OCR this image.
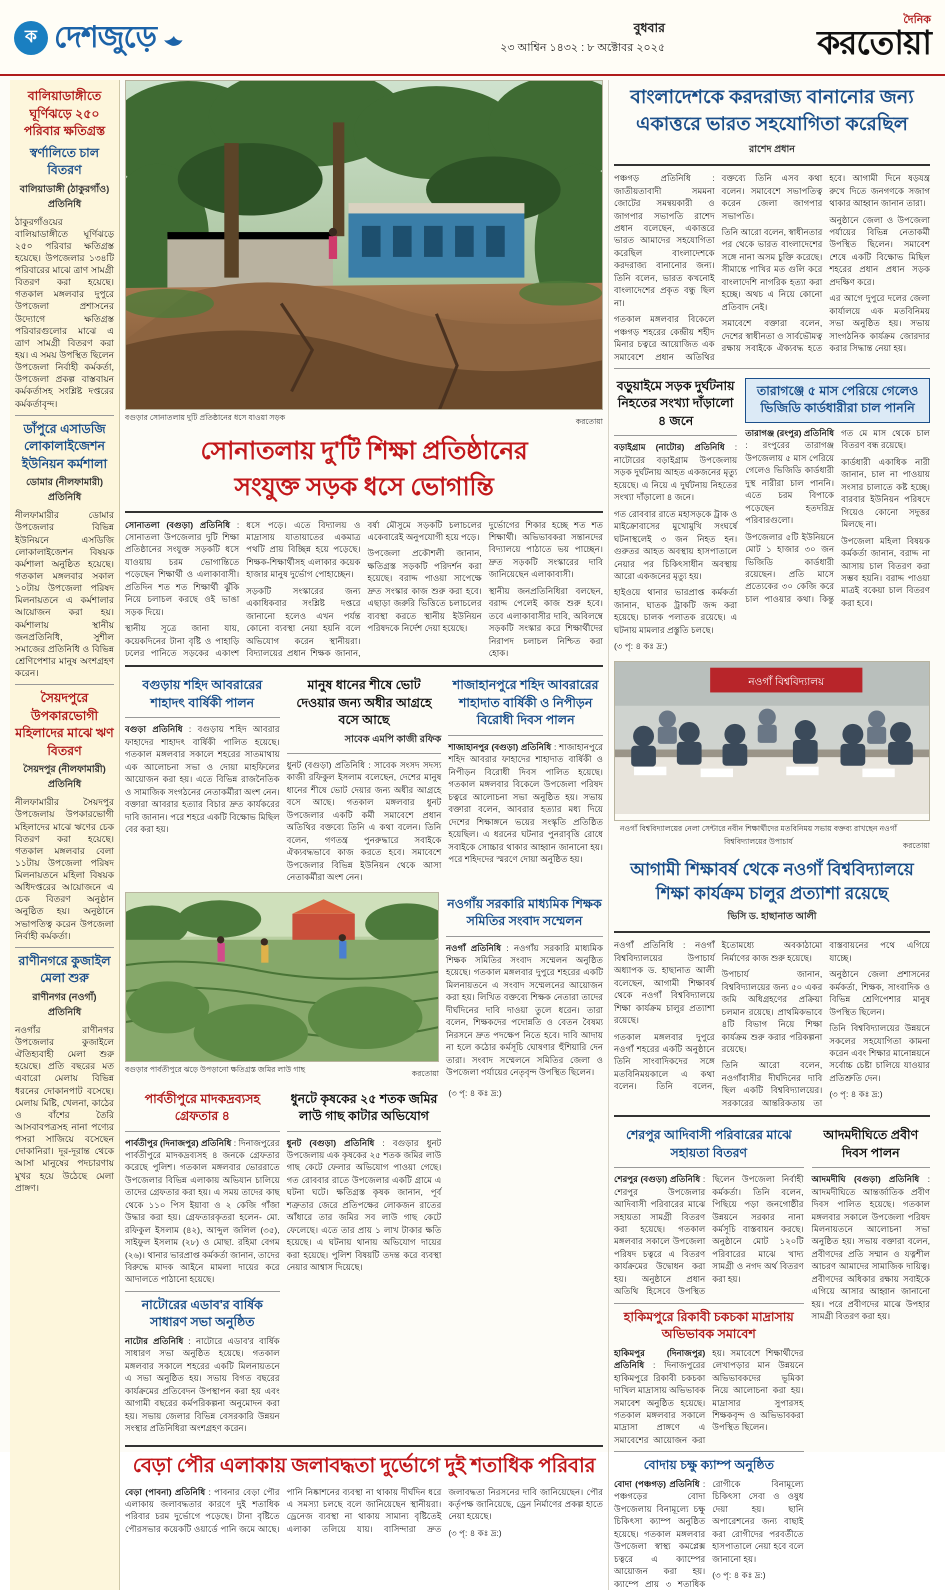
ক দেশজুড়ে	বুধবার
২৩ আশ্বিন ১৪৩২ : ৮ অক্টোবর ২০২৫
দৈনিক
করতোয়া
বালিয়াডাঙ্গীতে ঘূর্ণিঝড়ে ২৫০ পরিবার ক্ষতিগ্রস্ত
স্বর্ণালিতে চাল বিতরণ
বালিয়াডাঙ্গী (ঠাকুরগাঁও) প্রতিনিধি
ঠাকুরগাঁওয়ের বালিয়াডাঙ্গীতে ঘূর্ণিঝড়ে ২৫০ পরিবার ক্ষতিগ্রস্ত হয়েছে। উপজেলার ১৩৪টি পরিবারের মাঝে ত্রাণ সামগ্রী বিতরণ করা হয়েছে। গতকাল মঙ্গলবার দুপুরে উপজেলা প্রশাসনের উদ্যোগে ক্ষতিগ্রস্ত পরিবারগুলোর মাঝে এ ত্রাণ সামগ্রী বিতরণ করা হয়। এ সময় উপস্থিত ছিলেন উপজেলা নির্বাহী কর্মকর্তা, উপজেলা প্রকল্প বাস্তবায়ন কর্মকর্তাসহ সংশ্লিষ্ট দপ্তরের কর্মকর্তাবৃন্দ।
ডাঁপুরে এসাডজি লোকালাইজেশন ইউনিয়ন কর্মশালা
ডোমার (নীলফামারী) প্রতিনিধি
নীলফামারীর ডোমার উপজেলার বিভিন্ন ইউনিয়নে এসডিজি লোকালাইজেশন বিষয়ক কর্মশালা অনুষ্ঠিত হয়েছে। গতকাল মঙ্গলবার সকাল ১০টায় উপজেলা পরিষদ মিলনায়তনে এ কর্মশালার আয়োজন করা হয়। কর্মশালায় স্থানীয় জনপ্রতিনিধি, সুশীল সমাজের প্রতিনিধি ও বিভিন্ন শ্রেণিপেশার মানুষ অংশগ্রহণ করেন।
সৈয়দপুরে উপকারভোগী মহিলাদের মাঝে ঋণ বিতরণ
সৈয়দপুর (নীলফামারী) প্রতিনিধি
নীলফামারীর সৈয়দপুর উপজেলায় উপকারভোগী মহিলাদের মাঝে ঋণের চেক বিতরণ করা হয়েছে। গতকাল মঙ্গলবার বেলা ১১টায় উপজেলা পরিষদ মিলনায়তনে মহিলা বিষয়ক অধিদপ্তরের আয়োজনে এ চেক বিতরণ অনুষ্ঠান অনুষ্ঠিত হয়। অনুষ্ঠানে সভাপতিত্ব করেন উপজেলা নির্বাহী কর্মকর্তা।
রাণীনগরে কুজাইল মেলা শুরু
রাণীনগর (নওগাঁ) প্রতিনিধি
নওগাঁর রাণীনগর উপজেলার কুজাইলে ঐতিহ্যবাহী মেলা শুরু হয়েছে। প্রতি বছরের মত এবারো মেলায় বিভিন্ন ধরনের দোকানপাট বসেছে। মেলায় মিষ্টি, খেলনা, কাঠের ও বাঁশের তৈরি আসবাবপত্রসহ নানা পণ্যের পসরা সাজিয়ে বসেছেন দোকানিরা। দূর-দূরান্ত থেকে আসা মানুষের পদচারণায় মুখর হয়ে উঠেছে মেলা প্রাঙ্গণ।
বগুড়ার সোনাতলায় দুটি প্রতিষ্ঠানের ধসে যাওয়া সড়ক	করতোয়া
সোনাতলায় দু'টি শিক্ষা প্রতিষ্ঠানের
সংযুক্ত সড়ক ধসে ভোগান্তি

সোনাতলা (বগুড়া) প্রতিনিধি : সোনাতলা উপজেলার দুটি শিক্ষা প্রতিষ্ঠানের সংযুক্ত সড়কটি ধসে যাওয়ায় চরম ভোগান্তিতে পড়েছেন শিক্ষার্থী ও এলাকাবাসী। প্রতিদিন শত শত শিক্ষার্থী ঝুঁকি নিয়ে চলাচল করছে ওই ভাঙা সড়ক দিয়ে।

স্থানীয় সূত্রে জানা যায়, কয়েকদিনের টানা বৃষ্টি ও পাহাড়ি ঢলের পানিতে সড়কের একাংশ ধসে পড়ে। এতে বিদ্যালয় ও মাদ্রাসায় যাতায়াতের একমাত্র পথটি প্রায় বিচ্ছিন্ন হয়ে পড়েছে। শিক্ষক-শিক্ষার্থীসহ এলাকার কয়েক হাজার মানুষ দুর্ভোগ পোহাচ্ছেন।

সড়কটি সংস্কারের জন্য একাধিকবার সংশ্লিষ্ট দপ্তরে জানানো হলেও এখন পর্যন্ত কোনো ব্যবস্থা নেয়া হয়নি বলে অভিযোগ করেন স্থানীয়রা। বিদ্যালয়ের প্রধান শিক্ষক জানান, বর্ষা মৌসুমে সড়কটি চলাচলের একেবারেই অনুপযোগী হয়ে পড়ে।

উপজেলা প্রকৌশলী জানান, ক্ষতিগ্রস্ত সড়কটি পরিদর্শন করা হয়েছে। বরাদ্দ পাওয়া সাপেক্ষে দ্রুত সংস্কার কাজ শুরু করা হবে। এছাড়া জরুরি ভিত্তিতে চলাচলের ব্যবস্থা করতে স্থানীয় ইউনিয়ন পরিষদকে নির্দেশ দেয়া হয়েছে।

দুর্ভোগের শিকার হচ্ছে শত শত শিক্ষার্থী। অভিভাবকরা সন্তানদের বিদ্যালয়ে পাঠাতে ভয় পাচ্ছেন। দ্রুত সড়কটি সংস্কারের দাবি জানিয়েছেন এলাকাবাসী।

স্থানীয় জনপ্রতিনিধিরা বলছেন, বরাদ্দ পেলেই কাজ শুরু হবে। তবে এলাকাবাসীর দাবি, অবিলম্বে সড়কটি সংস্কার করে শিক্ষার্থীদের নিরাপদ চলাচল নিশ্চিত করা হোক।

বগুড়ায় শহিদ আবরারের শাহাদৎ বার্ষিকী পালন

বগুড়া প্রতিনিধি : বগুড়ায় শহিদ আবরার ফাহাদের শাহাদৎ বার্ষিকী পালিত হয়েছে। গতকাল মঙ্গলবার সকালে শহরের সাতমাথায় এক আলোচনা সভা ও দোয়া মাহফিলের আয়োজন করা হয়। এতে বিভিন্ন রাজনৈতিক ও সামাজিক সংগঠনের নেতাকর্মীরা অংশ নেন। বক্তারা আবরার হত্যার বিচার দ্রুত কার্যকরের দাবি জানান। পরে শহরে একটি বিক্ষোভ মিছিল বের করা হয়।

মানুষ ধানের শীষে ভোট দেওয়ার জন্য অধীর আগ্রহে বসে আছে
সাবেক এমপি কাজী রফিক

ধুনট (বগুড়া) প্রতিনিধি : সাবেক সংসদ সদস্য কাজী রফিকুল ইসলাম বলেছেন, দেশের মানুষ ধানের শীষে ভোট দেয়ার জন্য অধীর আগ্রহে বসে আছে। গতকাল মঙ্গলবার ধুনট উপজেলার একটি কর্মী সমাবেশে প্রধান অতিথির বক্তব্যে তিনি এ কথা বলেন। তিনি বলেন, গণতন্ত্র পুনরুদ্ধারে সবাইকে ঐক্যবদ্ধভাবে কাজ করতে হবে। সমাবেশে উপজেলার বিভিন্ন ইউনিয়ন থেকে আসা নেতাকর্মীরা অংশ নেন।

শাজাহানপুরে শহিদ আবরারের শাহাদাত বার্ষিকী ও নিপীড়ন বিরোধী দিবস পালন

শাজাহানপুর (বগুড়া) প্রতিনিধি : শাজাহানপুরে শহিদ আবরার ফাহাদের শাহাদাত বার্ষিকী ও নিপীড়ন বিরোধী দিবস পালিত হয়েছে। গতকাল মঙ্গলবার বিকেলে উপজেলা পরিষদ চত্বরে আলোচনা সভা অনুষ্ঠিত হয়। সভায় বক্তারা বলেন, আবরার হত্যার মধ্য দিয়ে দেশের শিক্ষাঙ্গনে ভয়ের সংস্কৃতি প্রতিষ্ঠিত হয়েছিল। এ ধরনের ঘটনার পুনরাবৃত্তি রোধে সবাইকে সোচ্চার থাকার আহ্বান জানানো হয়। পরে শহিদদের স্মরণে দোয়া অনুষ্ঠিত হয়।

বগুড়ার পার্বতীপুরে ঝড়ে উপড়ানো ক্ষতিগ্রস্ত জমির লাউ গাছ	করতোয়া
নওগাঁয় সরকারি মাধ্যমিক শিক্ষক সমিতির সংবাদ সম্মেলন

নওগাঁ প্রতিনিধি : নওগাঁয় সরকারি মাধ্যমিক শিক্ষক সমিতির সংবাদ সম্মেলন অনুষ্ঠিত হয়েছে। গতকাল মঙ্গলবার দুপুরে শহরের একটি মিলনায়তনে এ সংবাদ সম্মেলনের আয়োজন করা হয়। লিখিত বক্তব্যে শিক্ষক নেতারা তাদের দীর্ঘদিনের দাবি দাওয়া তুলে ধরেন। তারা বলেন, শিক্ষকদের পদোন্নতি ও বেতন বৈষম্য নিরসনে দ্রুত পদক্ষেপ নিতে হবে। দাবি আদায় না হলে কঠোর কর্মসূচি ঘোষণার হুঁশিয়ারি দেন তারা। সংবাদ সম্মেলনে সমিতির জেলা ও উপজেলা পর্যায়ের নেতৃবৃন্দ উপস্থিত ছিলেন।

পার্বতীপুরে মাদকদ্রব্যসহ গ্রেফতার ৪

পার্বতীপুর (দিনাজপুর) প্রতিনিধি : দিনাজপুরের পার্বতীপুরে মাদকদ্রব্যসহ ৪ জনকে গ্রেফতার করেছে পুলিশ। গতকাল মঙ্গলবার ভোররাতে উপজেলার বিভিন্ন এলাকায় অভিযান চালিয়ে তাদের গ্রেফতার করা হয়। এ সময় তাদের কাছ থেকে ১১০ পিস ইয়াবা ও ২ কেজি গাঁজা উদ্ধার করা হয়। গ্রেফতারকৃতরা হলেন- মো. রফিকুল ইসলাম (৪২), আব্দুল জলিল (৩৫), সাইফুল ইসলাম (২৮) ও মোছা. রহিমা বেগম (২৬)। থানার ভারপ্রাপ্ত কর্মকর্তা জানান, তাদের বিরুদ্ধে মাদক আইনে মামলা দায়ের করে আদালতে পাঠানো হয়েছে।

নাটোরের এডাব'র বার্ষিক সাধারণ সভা অনুষ্ঠিত

নাটোর প্রতিনিধি : নাটোরে এডাব'র বার্ষিক সাধারণ সভা অনুষ্ঠিত হয়েছে। গতকাল মঙ্গলবার সকালে শহরের একটি মিলনায়তনে এ সভা অনুষ্ঠিত হয়। সভায় বিগত বছরের কার্যক্রমের প্রতিবেদন উপস্থাপন করা হয় এবং আগামী বছরের কর্মপরিকল্পনা অনুমোদন করা হয়। সভায় জেলার বিভিন্ন বেসরকারি উন্নয়ন সংস্থার প্রতিনিধিরা অংশগ্রহণ করেন।

ধুনটে কৃষকের ২৫ শতক জমির লাউ গাছ কাটার অভিযোগ

ধুনট (বগুড়া) প্রতিনিধি : বগুড়ার ধুনট উপজেলায় এক কৃষকের ২৫ শতক জমির লাউ গাছ কেটে ফেলার অভিযোগ পাওয়া গেছে। গত রোববার রাতে উপজেলার একটি গ্রামে এ ঘটনা ঘটে। ক্ষতিগ্রস্ত কৃষক জানান, পূর্ব শত্রুতার জেরে প্রতিপক্ষের লোকজন রাতের আঁধারে তার জমির সব লাউ গাছ কেটে ফেলেছে। এতে তার প্রায় ১ লাখ টাকার ক্ষতি হয়েছে। এ ঘটনায় থানায় অভিযোগ দায়ের করা হয়েছে। পুলিশ বিষয়টি তদন্ত করে ব্যবস্থা নেয়ার আশ্বাস দিয়েছে।

(৩ পৃ: ৪ কঃ দ্র:)

বেড়া পৌর এলাকায় জলাবদ্ধতা দুর্ভোগে দুই শতাধিক পরিবার

বেড়া (পাবনা) প্রতিনিধি : পাবনার বেড়া পৌর এলাকায় জলাবদ্ধতার কারণে দুই শতাধিক পরিবার চরম দুর্ভোগে পড়েছে। টানা বৃষ্টিতে পৌরসভার কয়েকটি ওয়ার্ডে পানি জমে আছে। পানি নিষ্কাশনের ব্যবস্থা না থাকায় দীর্ঘদিন ধরে এ সমস্যা চলছে বলে জানিয়েছেন স্থানীয়রা। ড্রেনেজ ব্যবস্থা না থাকায় সামান্য বৃষ্টিতেই এলাকা তলিয়ে যায়। বাসিন্দারা দ্রুত জলাবদ্ধতা নিরসনের দাবি জানিয়েছেন। পৌর কর্তৃপক্ষ জানিয়েছে, ড্রেন নির্মাণের প্রকল্প হাতে নেয়া হয়েছে।

(৩ পৃ: ৪ কঃ দ্র:)

বাংলাদেশকে করদরাজ্য বানানোর জন্য একাত্তরে ভারত সহযোগিতা করেছিল
রাশেদ প্রধান

পঞ্চগড় প্রতিনিধি : জাতীয়তাবাদী সমমনা জোটের সমন্বয়কারী ও জাগপার সভাপতি রাশেদ প্রধান বলেছেন, একাত্তরে ভারত আমাদের সহযোগিতা করেছিল বাংলাদেশকে করদরাজ্য বানানোর জন্য। তিনি বলেন, ভারত কখনোই বাংলাদেশের প্রকৃত বন্ধু ছিল না।

গতকাল মঙ্গলবার বিকেলে পঞ্চগড় শহরের কেন্দ্রীয় শহীদ মিনার চত্বরে আয়োজিত এক সমাবেশে প্রধান অতিথির বক্তব্যে তিনি এসব কথা বলেন। সমাবেশে সভাপতিত্ব করেন জেলা জাগপার সভাপতি।

তিনি আরো বলেন, স্বাধীনতার পর থেকে ভারত বাংলাদেশের সঙ্গে নানা অসম চুক্তি করেছে। সীমান্তে পাখির মত গুলি করে বাংলাদেশি নাগরিক হত্যা করা হচ্ছে। অথচ এ নিয়ে কোনো প্রতিবাদ নেই।

সমাবেশে বক্তারা বলেন, দেশের স্বাধীনতা ও সার্বভৌমত্ব রক্ষায় সবাইকে ঐক্যবদ্ধ হতে হবে। আগামী দিনে ষড়যন্ত্র রুখে দিতে জনগণকে সজাগ থাকার আহ্বান জানান তারা।

অনুষ্ঠানে জেলা ও উপজেলা পর্যায়ের বিভিন্ন নেতাকর্মী উপস্থিত ছিলেন। সমাবেশ শেষে একটি বিক্ষোভ মিছিল শহরের প্রধান প্রধান সড়ক প্রদক্ষিণ করে।

এর আগে দুপুরে দলের জেলা কার্যালয়ে এক মতবিনিময় সভা অনুষ্ঠিত হয়। সভায় সাংগঠনিক কার্যক্রম জোরদার করার সিদ্ধান্ত নেয়া হয়।

বড়ুয়াইমে সড়ক দুর্ঘটনায় নিহতের সংখ্যা দাঁড়ালো ৪ জনে

বড়াইগ্রাম (নাটোর) প্রতিনিধি : নাটোরের বড়াইগ্রাম উপজেলায় সড়ক দুর্ঘটনায় আহত একজনের মৃত্যু হয়েছে। এ নিয়ে এ দুর্ঘটনায় নিহতের সংখ্যা দাঁড়ালো ৪ জনে।

গত রোববার রাতে মহাসড়কে ট্রাক ও মাইক্রোবাসের মুখোমুখি সংঘর্ষে ঘটনাস্থলেই ৩ জন নিহত হন। গুরুতর আহত অবস্থায় হাসপাতালে নেয়ার পর চিকিৎসাধীন অবস্থায় আরো একজনের মৃত্যু হয়।

হাইওয়ে থানার ভারপ্রাপ্ত কর্মকর্তা জানান, ঘাতক ট্রাকটি জব্দ করা হয়েছে। চালক পলাতক রয়েছে। এ ঘটনায় মামলার প্রস্তুতি চলছে।

(৩ পৃ: ৪ কঃ দ্র:)

তারাগঞ্জে ৫ মাস পেরিয়ে গেলেও ভিজিডি কার্ডধারীরা চাল পাননি

তারাগঞ্জ (রংপুর) প্রতিনিধি : রংপুরের তারাগঞ্জ উপজেলায় ৫ মাস পেরিয়ে গেলেও ভিজিডি কার্ডধারী দুস্থ নারীরা চাল পাননি। এতে চরম বিপাকে পড়েছেন হতদরিদ্র পরিবারগুলো।

উপজেলার ৫টি ইউনিয়নে মোট ১ হাজার ৩০ জন ভিজিডি কার্ডধারী রয়েছেন। প্রতি মাসে প্রত্যেকের ৩০ কেজি করে চাল পাওয়ার কথা। কিন্তু গত মে মাস থেকে চাল বিতরণ বন্ধ রয়েছে।

কার্ডধারী একাধিক নারী জানান, চাল না পাওয়ায় সংসার চালাতে কষ্ট হচ্ছে। বারবার ইউনিয়ন পরিষদে গিয়েও কোনো সদুত্তর মিলছে না।

উপজেলা মহিলা বিষয়ক কর্মকর্তা জানান, বরাদ্দ না আসায় চাল বিতরণ করা সম্ভব হয়নি। বরাদ্দ পাওয়া মাত্রই বকেয়া চাল বিতরণ করা হবে।

নওগাঁ বিশ্ববিদ্যালয়
নওগাঁ বিশ্ববিদ্যালয়ের নেলা সেন্টারে নবীন শিক্ষার্থীদের মতবিনিময় সভায় বক্তব্য রাখছেন নওগাঁ বিশ্ববিদ্যালয়ের উপাচার্য	করতোয়া
আগামী শিক্ষাবর্ষ থেকে নওগাঁ বিশ্ববিদ্যালয়ে শিক্ষা কার্যক্রম চালুর প্রত্যাশা রয়েছে
ভিসি ড. হাছানাত আলী

নওগাঁ প্রতিনিধি : নওগাঁ বিশ্ববিদ্যালয়ের উপাচার্য অধ্যাপক ড. হাছানাত আলী বলেছেন, আগামী শিক্ষাবর্ষ থেকে নওগাঁ বিশ্ববিদ্যালয়ে শিক্ষা কার্যক্রম চালুর প্রত্যাশা রয়েছে।

গতকাল মঙ্গলবার দুপুরে নওগাঁ শহরের একটি অনুষ্ঠানে তিনি সাংবাদিকদের সঙ্গে মতবিনিময়কালে এ কথা বলেন। তিনি বলেন, ইতোমধ্যে অবকাঠামো নির্মাণের কাজ শুরু হয়েছে।

উপাচার্য জানান, বিশ্ববিদ্যালয়ের জন্য ৫০ একর জমি অধিগ্রহণের প্রক্রিয়া চলমান রয়েছে। প্রাথমিকভাবে ৪টি বিভাগ নিয়ে শিক্ষা কার্যক্রম শুরু করার পরিকল্পনা রয়েছে।

তিনি আরো বলেন, নওগাঁবাসীর দীর্ঘদিনের দাবি ছিল একটি বিশ্ববিদ্যালয়ের। সরকারের আন্তরিকতায় তা বাস্তবায়নের পথে এগিয়ে যাচ্ছে।

অনুষ্ঠানে জেলা প্রশাসনের কর্মকর্তা, শিক্ষক, সাংবাদিক ও বিভিন্ন শ্রেণিপেশার মানুষ উপস্থিত ছিলেন।

তিনি বিশ্ববিদ্যালয়ের উন্নয়নে সকলের সহযোগিতা কামনা করেন এবং শিক্ষার মানোন্নয়নে সর্বোচ্চ চেষ্টা চালিয়ে যাওয়ার প্রতিশ্রুতি দেন।

(৩ পৃ: ৪ কঃ দ্র:)

শেরপুর আদিবাসী পরিবারের মাঝে সহায়তা বিতরণ

শেরপুর (বগুড়া) প্রতিনিধি : শেরপুর উপজেলার আদিবাসী পরিবারের মাঝে সহায়তা সামগ্রী বিতরণ করা হয়েছে। গতকাল মঙ্গলবার সকালে উপজেলা পরিষদ চত্বরে এ বিতরণ কার্যক্রমের উদ্বোধন করা হয়। অনুষ্ঠানে প্রধান অতিথি হিসেবে উপস্থিত ছিলেন উপজেলা নির্বাহী কর্মকর্তা। তিনি বলেন, পিছিয়ে পড়া জনগোষ্ঠীর উন্নয়নে সরকার নানা কর্মসূচি বাস্তবায়ন করছে। অনুষ্ঠানে মোট ১২০টি পরিবারের মাঝে খাদ্য সামগ্রী ও নগদ অর্থ বিতরণ করা হয়।

হাকিমপুরে রিকাবী চকচকা মাদ্রাসায় অভিভাবক সমাবেশ

হাকিমপুর (দিনাজপুর) প্রতিনিধি : দিনাজপুরের হাকিমপুরে রিকাবী চকচকা দাখিল মাদ্রাসায় অভিভাবক সমাবেশ অনুষ্ঠিত হয়েছে। গতকাল মঙ্গলবার সকালে মাদ্রাসা প্রাঙ্গণে এ সমাবেশের আয়োজন করা হয়। সমাবেশে শিক্ষার্থীদের লেখাপড়ার মান উন্নয়নে অভিভাবকদের ভূমিকা নিয়ে আলোচনা করা হয়। মাদ্রাসার সুপারসহ শিক্ষকবৃন্দ ও অভিভাবকরা উপস্থিত ছিলেন।

বোদায় চক্ষু ক্যাম্প অনুষ্ঠিত

বোদা (পঞ্চগড়) প্রতিনিধি : পঞ্চগড়ের বোদা উপজেলায় বিনামূল্যে চক্ষু চিকিৎসা ক্যাম্প অনুষ্ঠিত হয়েছে। গতকাল মঙ্গলবার উপজেলা স্বাস্থ্য কমপ্লেক্স চত্বরে এ ক্যাম্পের আয়োজন করা হয়। ক্যাম্পে প্রায় ৩ শতাধিক রোগীকে বিনামূল্যে চিকিৎসা সেবা ও ওষুধ দেয়া হয়। ছানি অপারেশনের জন্য বাছাই করা রোগীদের পরবর্তীতে হাসপাতালে নেয়া হবে বলে জানানো হয়।

(৩ পৃ: ৪ কঃ দ্র:)

আদমদীঘিতে প্রবীণ দিবস পালন

আদমদীঘি (বগুড়া) প্রতিনিধি : আদমদীঘিতে আন্তর্জাতিক প্রবীণ দিবস পালিত হয়েছে। গতকাল মঙ্গলবার সকালে উপজেলা পরিষদ মিলনায়তনে আলোচনা সভা অনুষ্ঠিত হয়। সভায় বক্তারা বলেন, প্রবীণদের প্রতি সম্মান ও যত্নশীল আচরণ আমাদের সামাজিক দায়িত্ব। প্রবীণদের অধিকার রক্ষায় সবাইকে এগিয়ে আসার আহ্বান জানানো হয়। পরে প্রবীণদের মাঝে উপহার সামগ্রী বিতরণ করা হয়।
